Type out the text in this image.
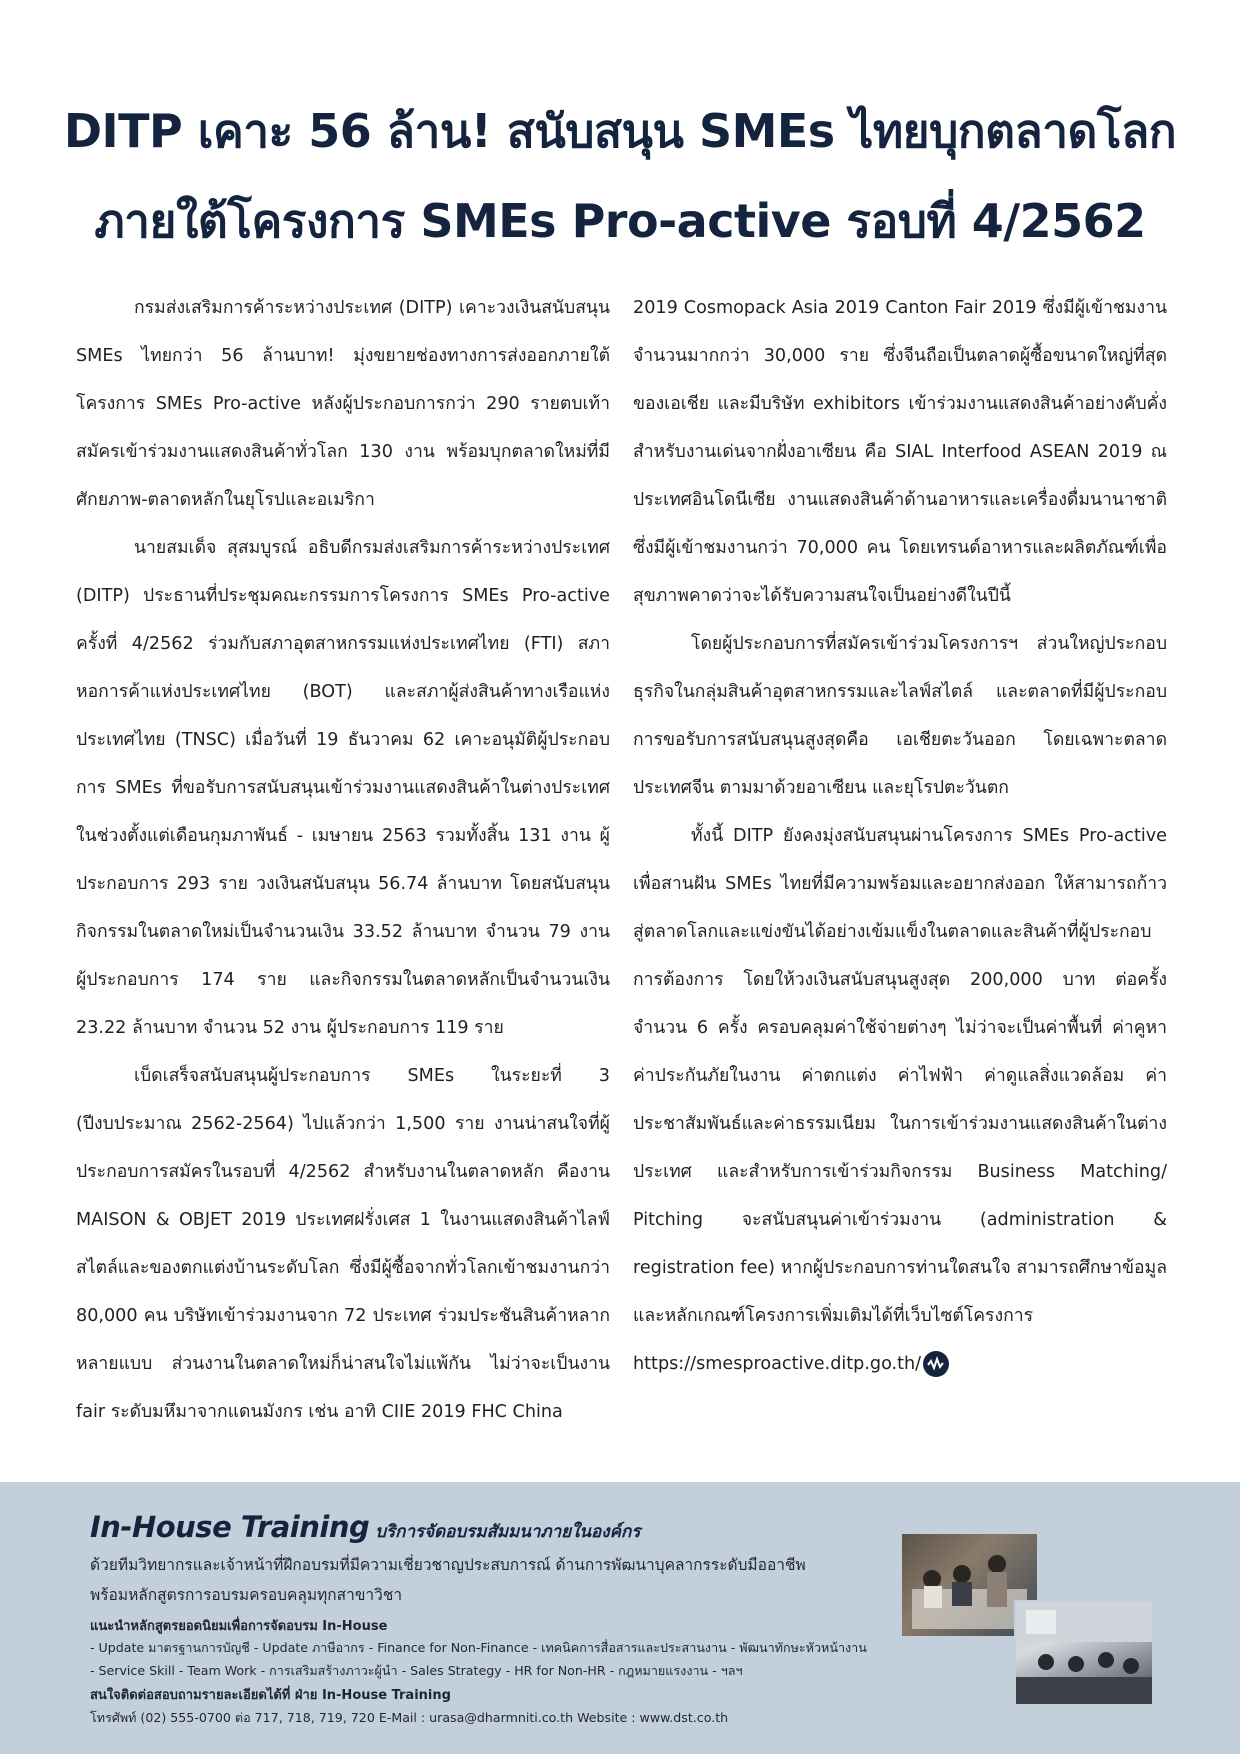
DITP เคาะ 56 ล้าน! สนับสนุน SMEs ไทยบุกตลาดโลก
ภายใต้โครงการ SMEs Pro-active รอบที่ 4/2562

กรมส่งเสริมการค้าระหว่างประเทศ (DITP) เคาะวงเงินสนับสนุน SMEs ไทยกว่า 56 ล้านบาท! มุ่งขยายช่องทางการส่งออกภายใต้โครงการ SMEs Pro-active หลังผู้ประกอบการกว่า 290 รายตบเท้าสมัครเข้าร่วมงานแสดงสินค้าทั่วโลก 130 งาน พร้อมบุกตลาดใหม่ที่มีศักยภาพ-ตลาดหลักในยุโรปและอเมริกา

นายสมเด็จ สุสมบูรณ์ อธิบดีกรมส่งเสริมการค้าระหว่างประเทศ (DITP) ประธานที่ประชุมคณะกรรมการโครงการ SMEs Pro-active ครั้งที่ 4/2562 ร่วมกับสภาอุตสาหกรรมแห่งประเทศไทย (FTI) สภาหอการค้าแห่งประเทศไทย (BOT) และสภาผู้ส่งสินค้าทางเรือแห่งประเทศไทย (TNSC) เมื่อวันที่ 19 ธันวาคม 62 เคาะอนุมัติผู้ประกอบการ SMEs ที่ขอรับการสนับสนุนเข้าร่วมงานแสดงสินค้าในต่างประเทศ ในช่วงตั้งแต่เดือนกุมภาพันธ์ - เมษายน 2563 รวมทั้งสิ้น 131 งาน ผู้ประกอบการ 293 ราย วงเงินสนับสนุน 56.74 ล้านบาท โดยสนับสนุนกิจกรรมในตลาดใหม่เป็นจำนวนเงิน 33.52 ล้านบาท จำนวน 79 งาน ผู้ประกอบการ 174 ราย และกิจกรรมในตลาดหลักเป็นจำนวนเงิน 23.22 ล้านบาท จำนวน 52 งาน ผู้ประกอบการ 119 ราย

เบ็ดเสร็จสนับสนุนผู้ประกอบการ SMEs ในระยะที่ 3 (ปีงบประมาณ 2562-2564) ไปแล้วกว่า 1,500 ราย งานน่าสนใจที่ผู้ประกอบการสมัครในรอบที่ 4/2562 สำหรับงานในตลาดหลัก คืองาน MAISON & OBJET 2019 ประเทศฝรั่งเศส 1 ในงานแสดงสินค้าไลฟ์สไตล์และของตกแต่งบ้านระดับโลก ซึ่งมีผู้ซื้อจากทั่วโลกเข้าชมงานกว่า 80,000 คน บริษัทเข้าร่วมงานจาก 72 ประเทศ ร่วมประชันสินค้าหลากหลายแบบ ส่วนงานในตลาดใหม่ก็น่าสนใจไม่แพ้กัน ไม่ว่าจะเป็นงาน fair ระดับมหึมาจากแดนมังกร เช่น อาทิ CIIE 2019 FHC China

2019 Cosmopack Asia 2019 Canton Fair 2019 ซึ่งมีผู้เข้าชมงานจำนวนมากกว่า 30,000 ราย ซึ่งจีนถือเป็นตลาดผู้ซื้อขนาดใหญ่ที่สุดของเอเชีย และมีบริษัท exhibitors เข้าร่วมงานแสดงสินค้าอย่างคับคั่ง สำหรับงานเด่นจากฝั่งอาเซียน คือ SIAL Interfood ASEAN 2019 ณ ประเทศอินโดนีเซีย งานแสดงสินค้าด้านอาหารและเครื่องดื่มนานาชาติ ซึ่งมีผู้เข้าชมงานกว่า 70,000 คน โดยเทรนด์อาหารและผลิตภัณฑ์เพื่อสุขภาพคาดว่าจะได้รับความสนใจเป็นอย่างดีในปีนี้

โดยผู้ประกอบการที่สมัครเข้าร่วมโครงการฯ ส่วนใหญ่ประกอบธุรกิจในกลุ่มสินค้าอุตสาหกรรมและไลฟ์สไตล์ และตลาดที่มีผู้ประกอบการขอรับการสนับสนุนสูงสุดคือ เอเชียตะวันออก โดยเฉพาะตลาดประเทศจีน ตามมาด้วยอาเซียน และยุโรปตะวันตก

ทั้งนี้ DITP ยังคงมุ่งสนับสนุนผ่านโครงการ SMEs Pro-active เพื่อสานฝัน SMEs ไทยที่มีความพร้อมและอยากส่งออก ให้สามารถก้าวสู่ตลาดโลกและแข่งขันได้อย่างเข้มแข็งในตลาดและสินค้าที่ผู้ประกอบการต้องการ โดยให้วงเงินสนับสนุนสูงสุด 200,000 บาท ต่อครั้ง จำนวน 6 ครั้ง ครอบคลุมค่าใช้จ่ายต่างๆ ไม่ว่าจะเป็นค่าพื้นที่ ค่าคูหา ค่าประกันภัยในงาน ค่าตกแต่ง ค่าไฟฟ้า ค่าดูแลสิ่งแวดล้อม ค่าประชาสัมพันธ์และค่าธรรมเนียม ในการเข้าร่วมงานแสดงสินค้าในต่างประเทศ และสำหรับการเข้าร่วมกิจกรรม Business Matching/ Pitching จะสนับสนุนค่าเข้าร่วมงาน (administration & registration fee) หากผู้ประกอบการท่านใดสนใจ สามารถศึกษาข้อมูลและหลักเกณฑ์โครงการเพิ่มเติมได้ที่เว็บไซต์โครงการ https://smesproactive.ditp.go.th/

In-House Training บริการจัดอบรมสัมมนาภายในองค์กร
ด้วยทีมวิทยากรและเจ้าหน้าที่ฝึกอบรมที่มีความเชี่ยวชาญประสบการณ์ ด้านการพัฒนาบุคลากรระดับมืออาชีพ
พร้อมหลักสูตรการอบรมครอบคลุมทุกสาขาวิชา
แนะนำหลักสูตรยอดนิยมเพื่อการจัดอบรม In-House
- Update มาตรฐานการบัญชี - Update ภาษีอากร - Finance for Non-Finance - เทคนิคการสื่อสารและประสานงาน - พัฒนาทักษะหัวหน้างาน
- Service Skill - Team Work - การเสริมสร้างภาวะผู้นำ - Sales Strategy - HR for Non-HR - กฎหมายแรงงาน - ฯลฯ
สนใจติดต่อสอบถามรายละเอียดได้ที่ ฝ่าย In-House Training
โทรศัพท์ (02) 555-0700 ต่อ 717, 718, 719, 720 E-Mail : urasa@dharmniti.co.th Website : www.dst.co.th
